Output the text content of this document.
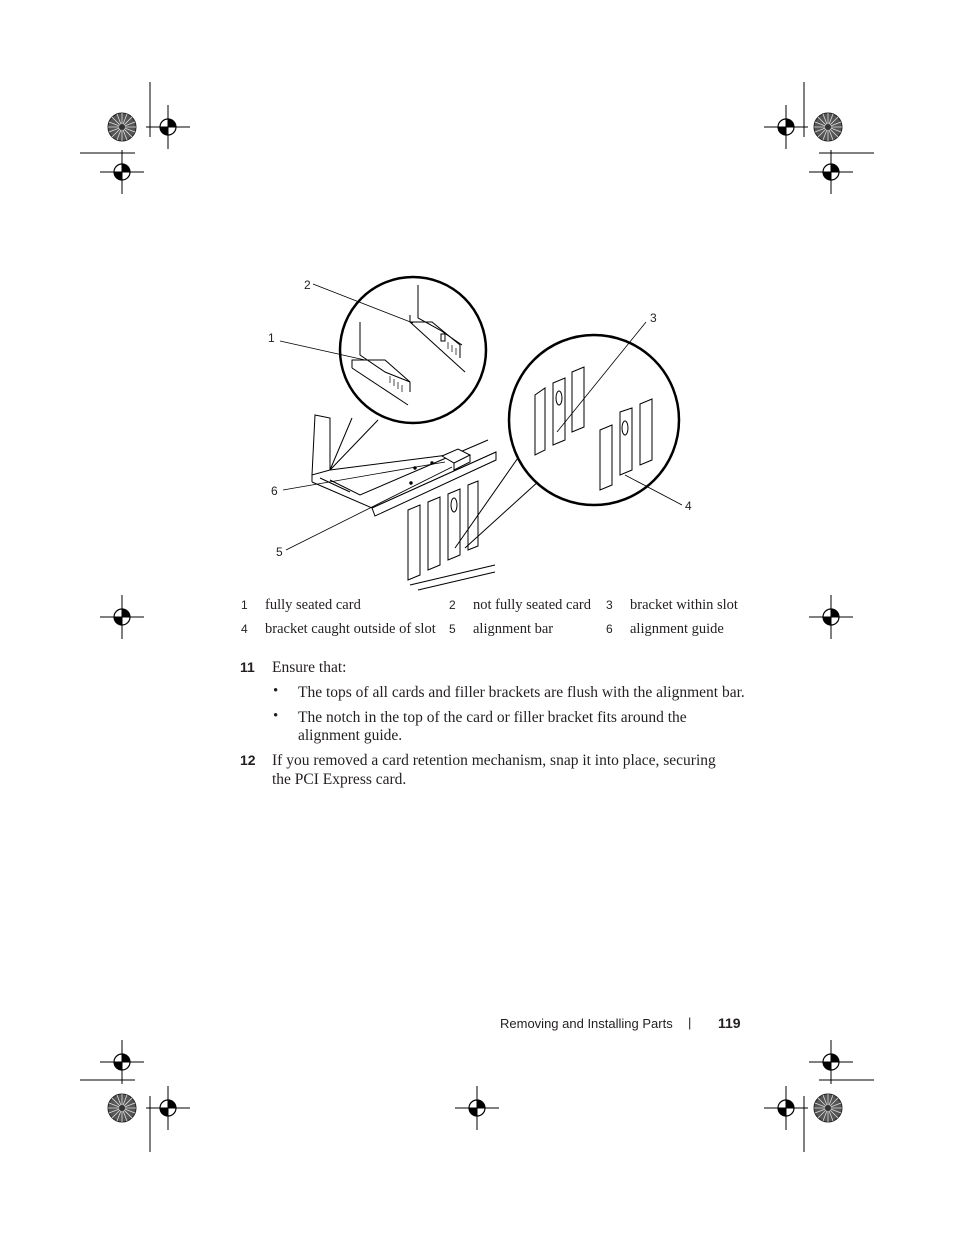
2
1
3
4
6
5
1 fully seated card	2 not fully seated card 3 bracket within slot
4 bracket caught outside of slot 5 alignment bar	6 alignment guide
11 Ensure that:
• The tops of all cards and filler brackets are flush with the alignment bar.
• The notch in the top of the card or filler bracket fits around the
alignment guide.
12 If you removed a card retention mechanism, snap it into place, securing
the PCI Express card.
Removing and Installing Parts | 119
